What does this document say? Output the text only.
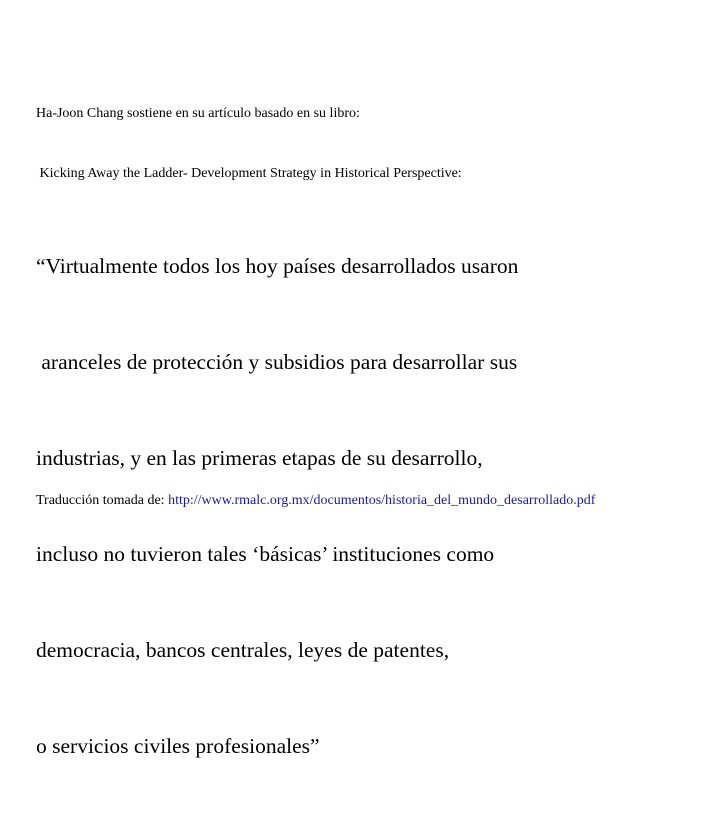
Ha-Joon Chang sostiene en su artículo basado en su libro:

Kicking Away the Ladder- Development Strategy in Historical Perspective:

“Virtualmente todos los hoy países desarrollados usaron

aranceles de protección y subsidios para desarrollar sus

industrias, y en las primeras etapas de su desarrollo,

incluso no tuvieron tales ‘básicas’ instituciones como

democracia, bancos centrales, leyes de patentes,

o servicios civiles profesionales”

Traducción tomada de: http://www.rmalc.org.mx/documentos/historia_del_mundo_desarrollado.pdf
